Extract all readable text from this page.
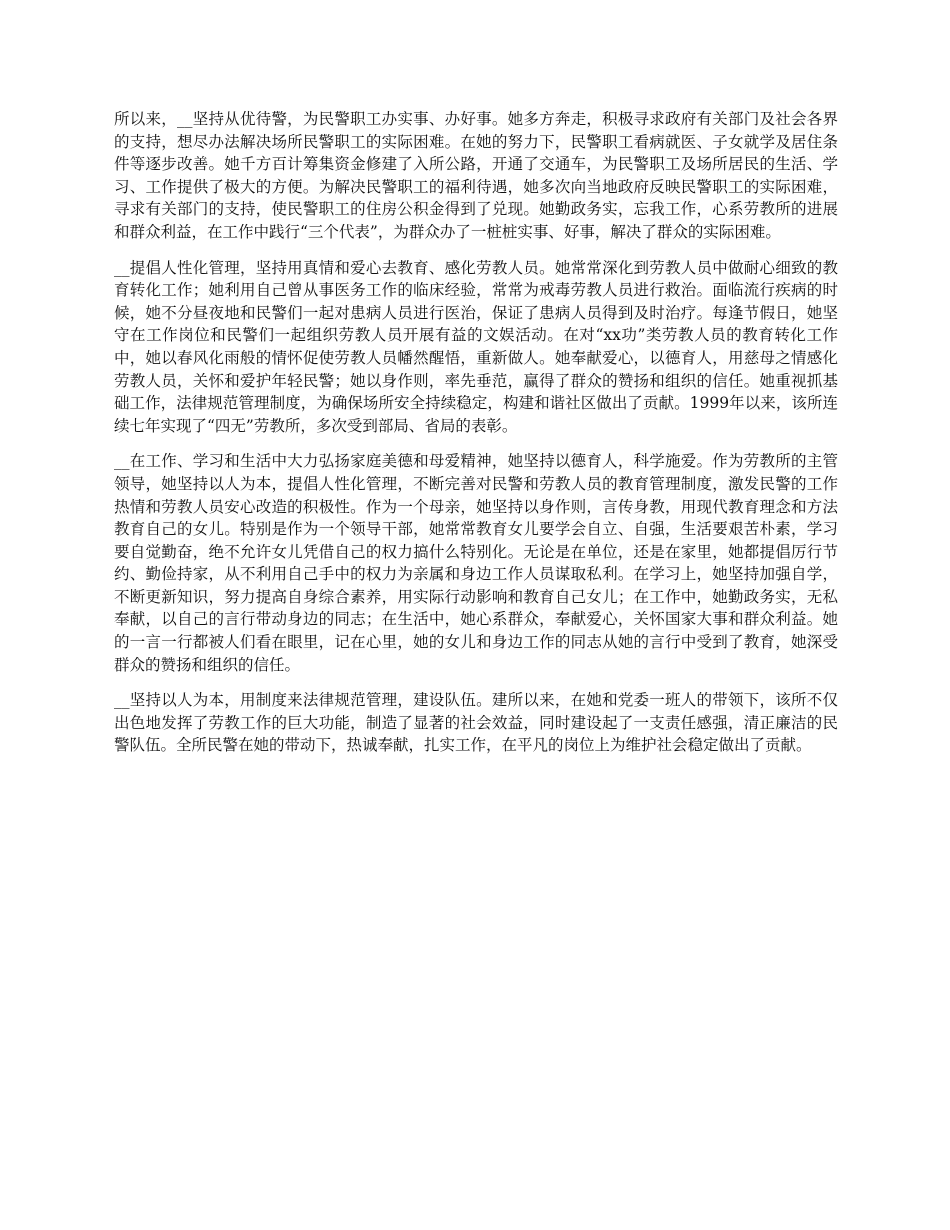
所以来，__坚持从优待警，为民警职工办实事、办好事。她多方奔走，积极寻求政府有关部门及社会各界的支持，想尽办法解决场所民警职工的实际困难。在她的努力下，民警职工看病就医、子女就学及居住条件等逐步改善。她千方百计筹集资金修建了入所公路，开通了交通车，为民警职工及场所居民的生活、学习、工作提供了极大的方便。为解决民警职工的福利待遇，她多次向当地政府反映民警职工的实际困难，寻求有关部门的支持，使民警职工的住房公积金得到了兑现。她勤政务实，忘我工作，心系劳教所的进展和群众利益，在工作中践行“三个代表”，为群众办了一桩桩实事、好事，解决了群众的实际困难。

__提倡人性化管理，坚持用真情和爱心去教育、感化劳教人员。她常常深化到劳教人员中做耐心细致的教育转化工作；她利用自己曾从事医务工作的临床经验，常常为戒毒劳教人员进行救治。面临流行疾病的时候，她不分昼夜地和民警们一起对患病人员进行医治，保证了患病人员得到及时治疗。每逢节假日，她坚守在工作岗位和民警们一起组织劳教人员开展有益的文娱活动。在对“xx功”类劳教人员的教育转化工作中，她以春风化雨般的情怀促使劳教人员幡然醒悟，重新做人。她奉献爱心，以德育人，用慈母之情感化劳教人员，关怀和爱护年轻民警；她以身作则，率先垂范，赢得了群众的赞扬和组织的信任。她重视抓基础工作，法律规范管理制度，为确保场所安全持续稳定，构建和谐社区做出了贡献。1999年以来，该所连续七年实现了“四无”劳教所，多次受到部局、省局的表彰。

__在工作、学习和生活中大力弘扬家庭美德和母爱精神，她坚持以德育人，科学施爱。作为劳教所的主管领导，她坚持以人为本，提倡人性化管理，不断完善对民警和劳教人员的教育管理制度，激发民警的工作热情和劳教人员安心改造的积极性。作为一个母亲，她坚持以身作则，言传身教，用现代教育理念和方法教育自己的女儿。特别是作为一个领导干部，她常常教育女儿要学会自立、自强，生活要艰苦朴素，学习要自觉勤奋，绝不允许女儿凭借自己的权力搞什么特别化。无论是在单位，还是在家里，她都提倡厉行节约、勤俭持家，从不利用自己手中的权力为亲属和身边工作人员谋取私利。在学习上，她坚持加强自学，不断更新知识，努力提高自身综合素养，用实际行动影响和教育自己女儿；在工作中，她勤政务实，无私奉献，以自己的言行带动身边的同志；在生活中，她心系群众，奉献爱心，关怀国家大事和群众利益。她的一言一行都被人们看在眼里，记在心里，她的女儿和身边工作的同志从她的言行中受到了教育，她深受群众的赞扬和组织的信任。

__坚持以人为本，用制度来法律规范管理，建设队伍。建所以来，在她和党委一班人的带领下，该所不仅出色地发挥了劳教工作的巨大功能，制造了显著的社会效益，同时建设起了一支责任感强，清正廉洁的民警队伍。全所民警在她的带动下，热诚奉献，扎实工作，在平凡的岗位上为维护社会稳定做出了贡献。
